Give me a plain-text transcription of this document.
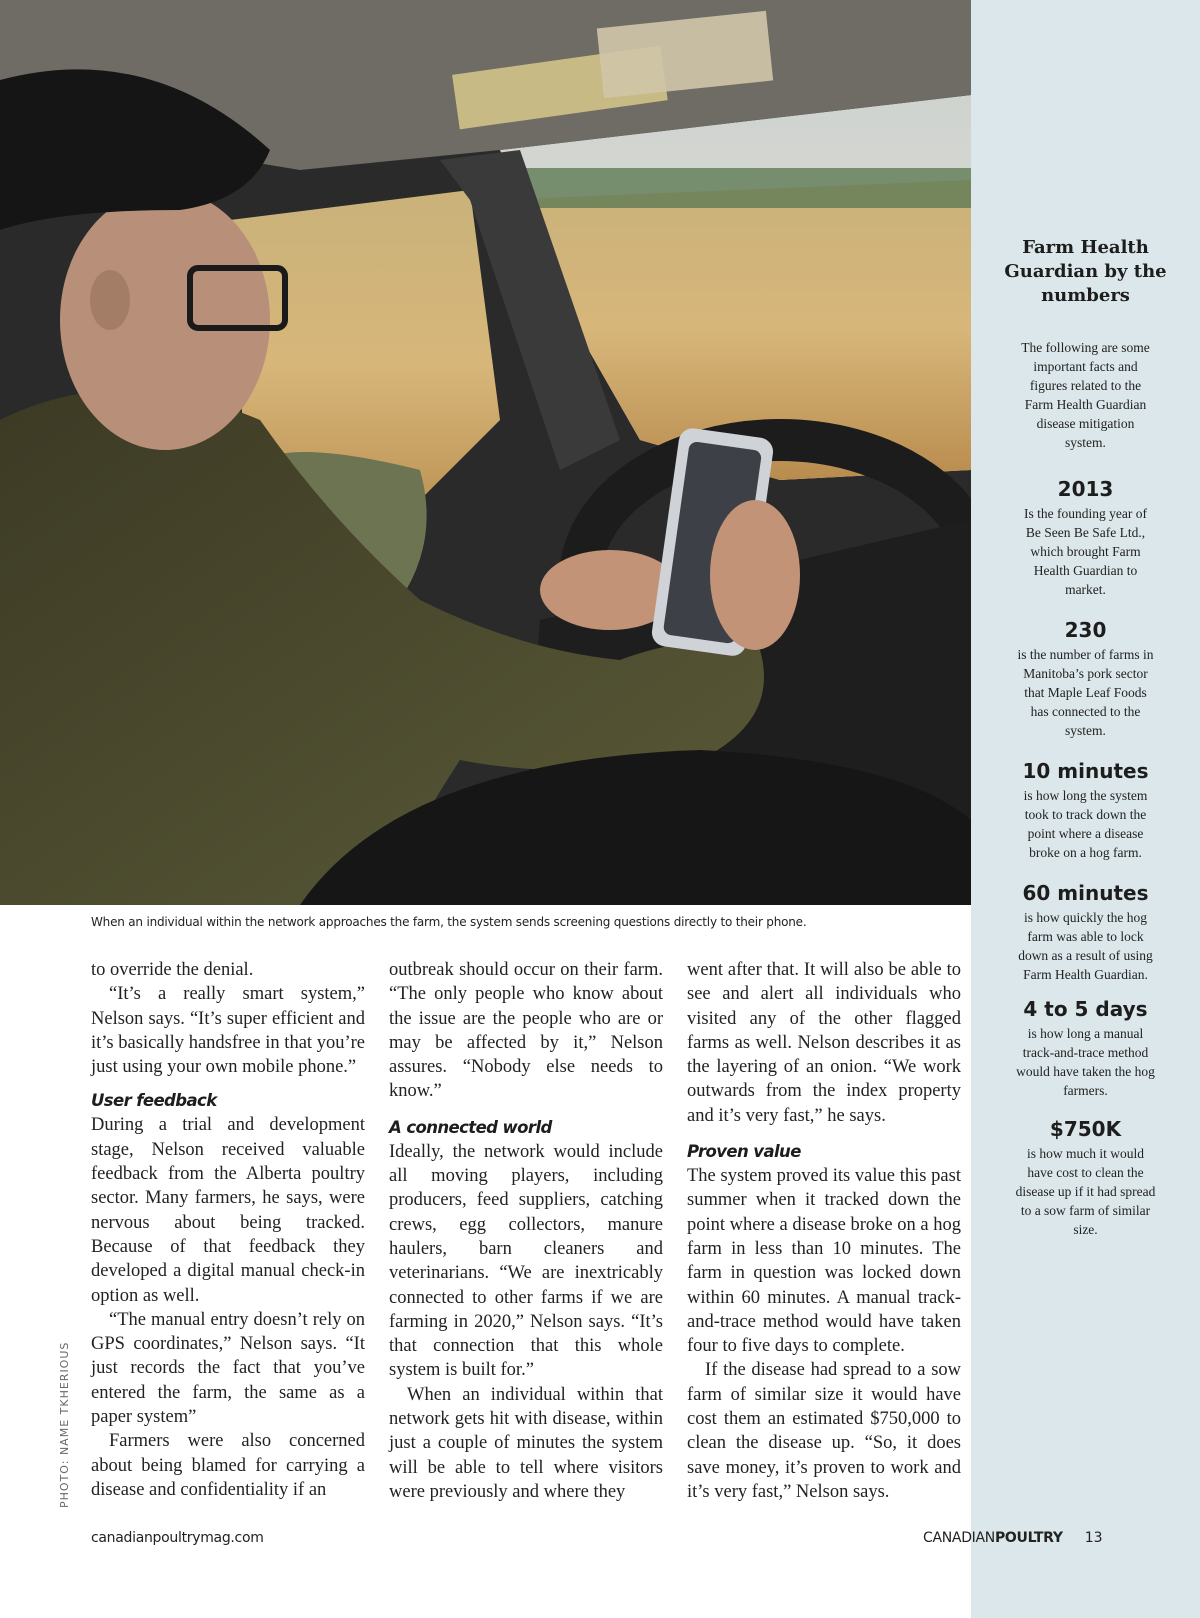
When an individual within the network approaches the farm, the system sends screening questions directly to their phone.
PHOTO: NAME TKHERIOUS

to override the denial.

“It’s a really smart system,” Nelson says. “It’s super efficient and it’s basically handsfree in that you’re just using your own mobile phone.”

User feedback

During a trial and development stage, Nelson received valuable feedback from the Alberta poultry sector. Many farmers, he says, were nervous about being tracked. Because of that feedback they developed a digital manual check-in option as well.

“The manual entry doesn’t rely on GPS coordinates,” Nelson says. “It just records the fact that you’ve entered the farm, the same as a paper system”

Farmers were also concerned about being blamed for carrying a disease and confidentiality if an

outbreak should occur on their farm. “The only people who know about the issue are the people who are or may be affected by it,” Nelson assures. “Nobody else needs to know.”

A connected world

Ideally, the network would include all moving players, including producers, feed suppliers, catching crews, egg collectors, manure haulers, barn cleaners and veterinarians. “We are inextricably connected to other farms if we are farming in 2020,” Nelson says. “It’s that connection that this whole system is built for.”

When an individual within that network gets hit with disease, within just a couple of minutes the system will be able to tell where visitors were previously and where they

went after that. It will also be able to see and alert all individuals who visited any of the other flagged farms as well. Nelson describes it as the layering of an onion. “We work outwards from the index property and it’s very fast,” he says.

Proven value

The system proved its value this past summer when it tracked down the point where a disease broke on a hog farm in less than 10 minutes. The farm in question was locked down within 60 minutes. A manual track-and-trace method would have taken four to five days to complete.

If the disease had spread to a sow farm of similar size it would have cost them an estimated $750,000 to clean the disease up. “So, it does save money, it’s proven to work and it’s very fast,” Nelson says.

Farm Health Guardian by the numbers
The following are some important facts and figures related to the Farm Health Guardian disease mitigation system.
2013
Is the founding year of Be Seen Be Safe Ltd., which brought Farm Health Guardian to market.
230
is the number of farms in Manitoba’s pork sector that Maple Leaf Foods has connected to the system.
10 minutes
is how long the system took to track down the point where a disease broke on a hog farm.
60 minutes
is how quickly the hog farm was able to lock down as a result of using Farm Health Guardian.
4 to 5 days
is how long a manual track-and-trace method would have taken the hog farmers.
$750K
is how much it would have cost to clean the disease up if it had spread to a sow farm of similar size.
canadianpoultrymag.com	CANADIANPOULTRY 13
